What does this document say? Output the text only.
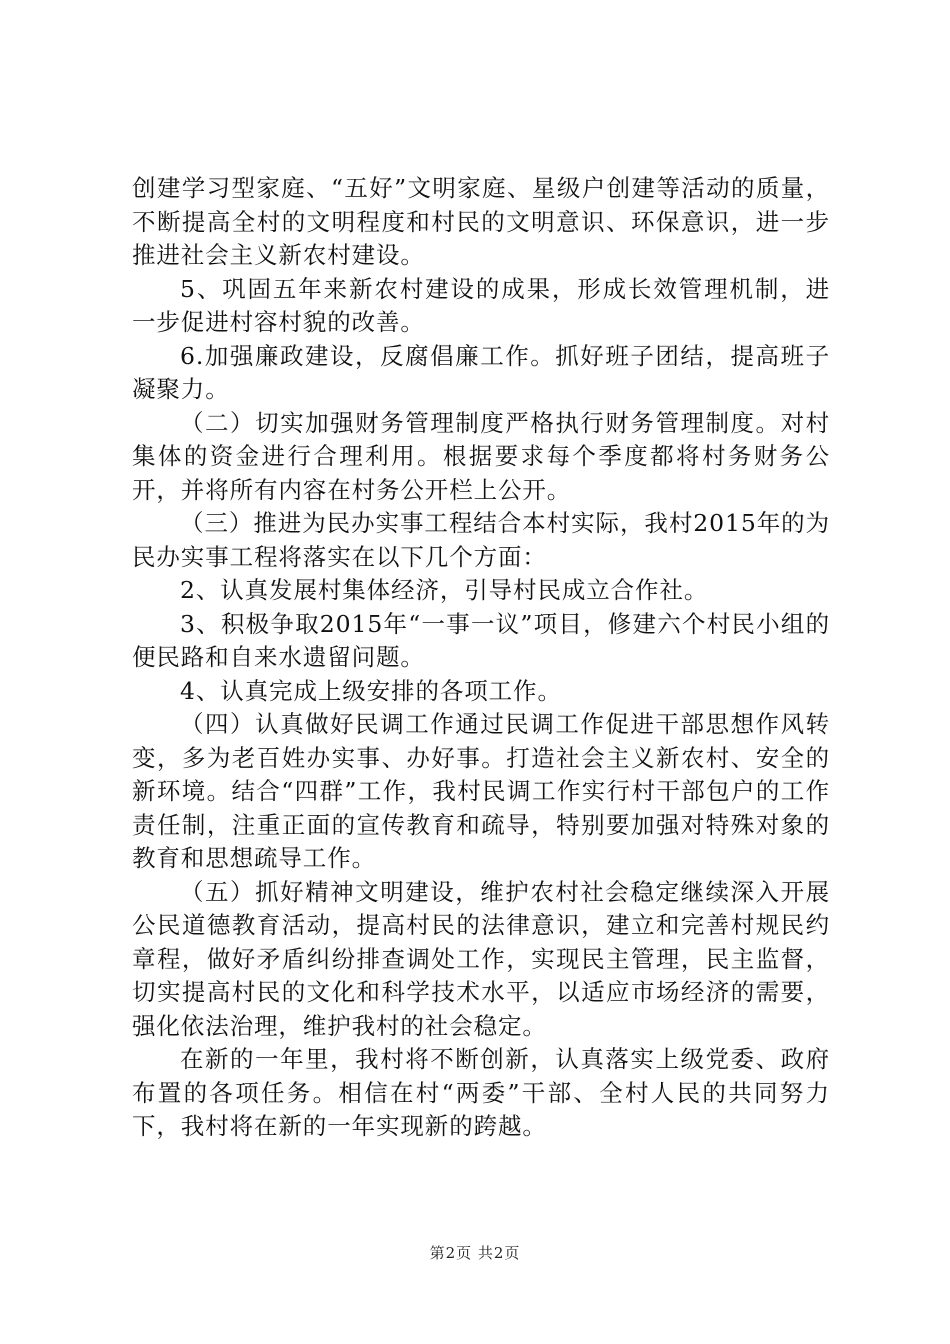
创建学习型家庭、“五好”文明家庭、星级户创建等活动的质量，不断提高全村的文明程度和村民的文明意识、环保意识，进一步推进社会主义新农村建设。

5、巩固五年来新农村建设的成果，形成长效管理机制，进一步促进村容村貌的改善。

6.加强廉政建设，反腐倡廉工作。抓好班子团结，提高班子凝聚力。

（二）切实加强财务管理制度严格执行财务管理制度。对村集体的资金进行合理利用。根据要求每个季度都将村务财务公开，并将所有内容在村务公开栏上公开。

（三）推进为民办实事工程结合本村实际，我村2015年的为民办实事工程将落实在以下几个方面：

2、认真发展村集体经济，引导村民成立合作社。

3、积极争取2015年“一事一议”项目，修建六个村民小组的便民路和自来水遗留问题。

4、认真完成上级安排的各项工作。

（四）认真做好民调工作通过民调工作促进干部思想作风转变，多为老百姓办实事、办好事。打造社会主义新农村、安全的新环境。结合“四群”工作，我村民调工作实行村干部包户的工作责任制，注重正面的宣传教育和疏导，特别要加强对特殊对象的教育和思想疏导工作。

（五）抓好精神文明建设，维护农村社会稳定继续深入开展公民道德教育活动，提高村民的法律意识，建立和完善村规民约章程，做好矛盾纠纷排查调处工作，实现民主管理，民主监督，切实提高村民的文化和科学技术水平，以适应市场经济的需要，强化依法治理，维护我村的社会稳定。

在新的一年里，我村将不断创新，认真落实上级党委、政府布置的各项任务。相信在村“两委”干部、全村人民的共同努力下，我村将在新的一年实现新的跨越。

第2页 共2页
